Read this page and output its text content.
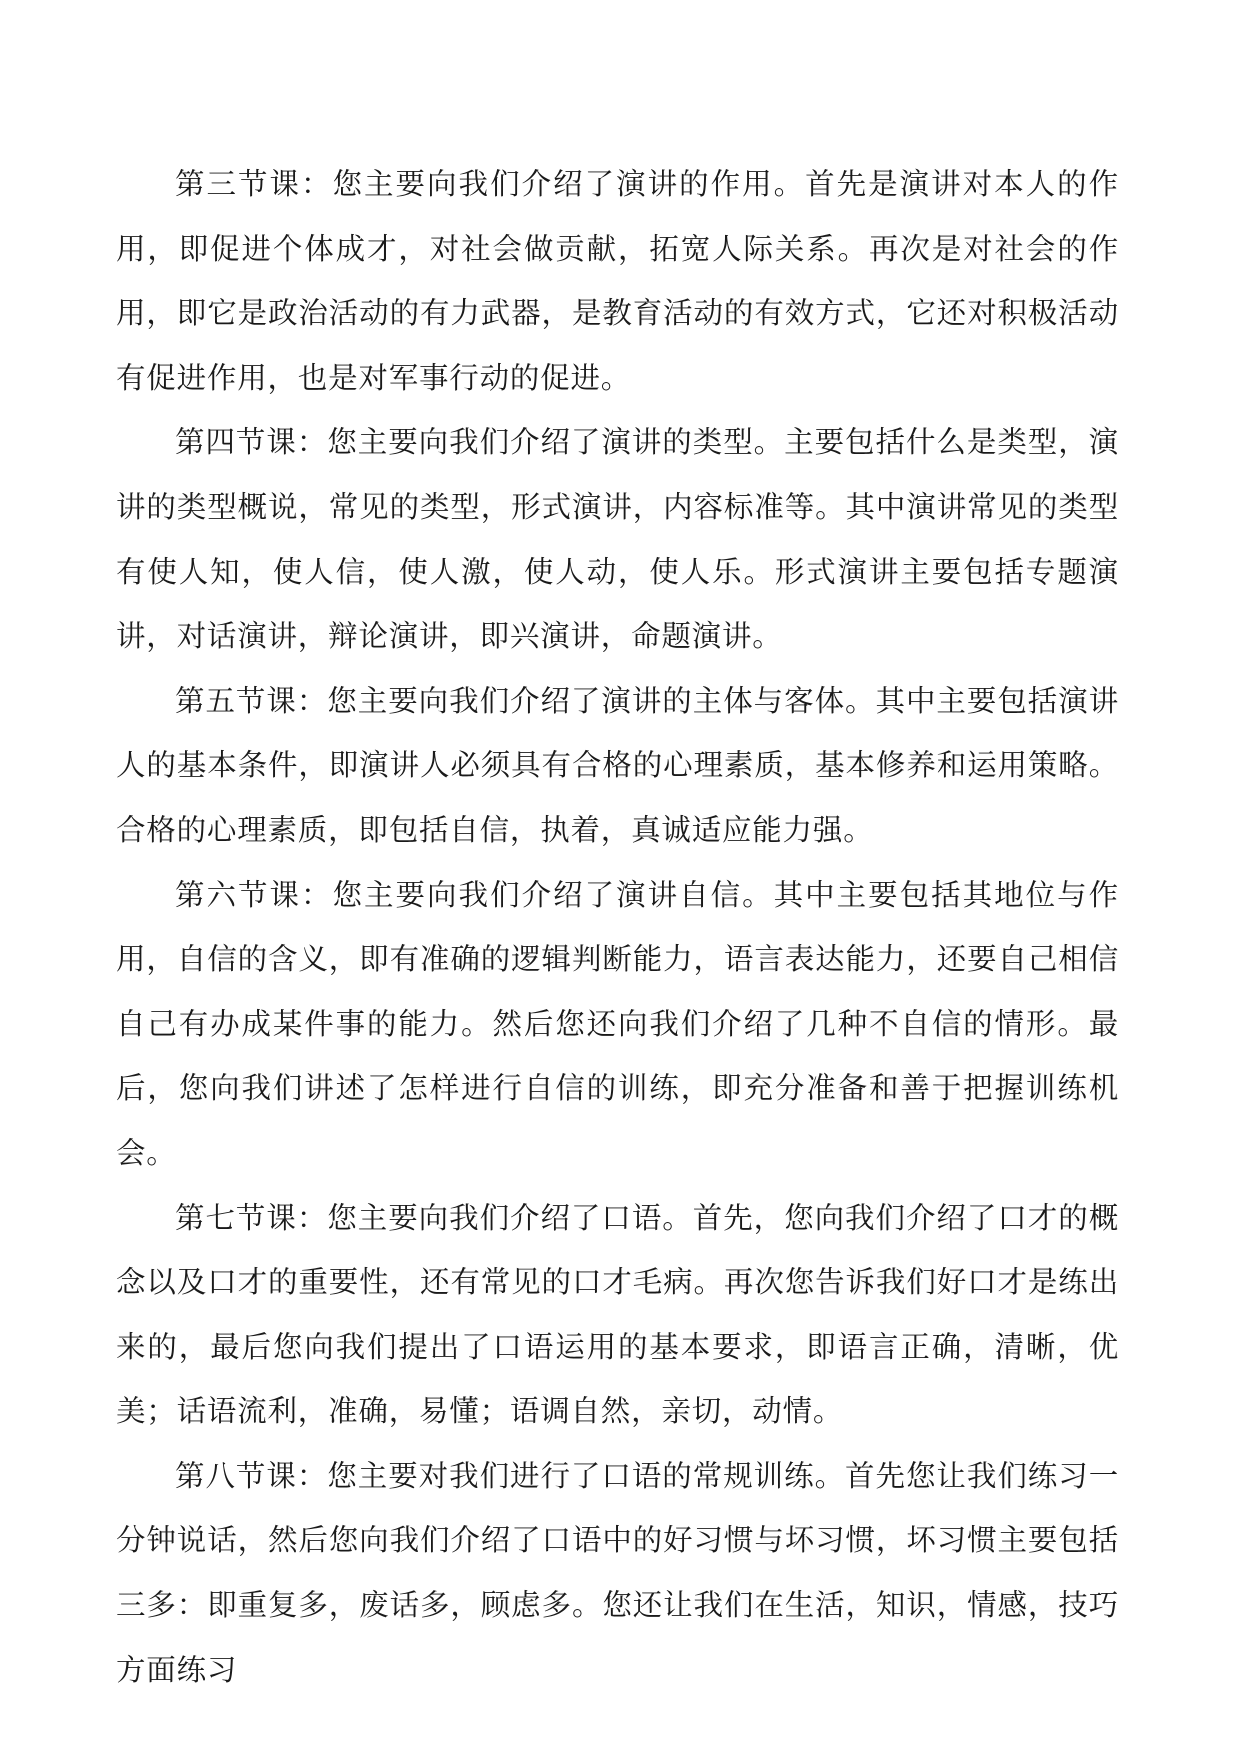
第三节课：您主要向我们介绍了演讲的作用。首先是演讲对本人的作用，即促进个体成才，对社会做贡献，拓宽人际关系。再次是对社会的作用，即它是政治活动的有力武器，是教育活动的有效方式，它还对积极活动有促进作用，也是对军事行动的促进。

第四节课：您主要向我们介绍了演讲的类型。主要包括什么是类型，演讲的类型概说，常见的类型，形式演讲，内容标准等。其中演讲常见的类型有使人知，使人信，使人激，使人动，使人乐。形式演讲主要包括专题演讲，对话演讲，辩论演讲，即兴演讲，命题演讲。

第五节课：您主要向我们介绍了演讲的主体与客体。其中主要包括演讲人的基本条件，即演讲人必须具有合格的心理素质，基本修养和运用策略。合格的心理素质，即包括自信，执着，真诚适应能力强。

第六节课：您主要向我们介绍了演讲自信。其中主要包括其地位与作用，自信的含义，即有准确的逻辑判断能力，语言表达能力，还要自己相信自己有办成某件事的能力。然后您还向我们介绍了几种不自信的情形。最后，您向我们讲述了怎样进行自信的训练，即充分准备和善于把握训练机会。

第七节课：您主要向我们介绍了口语。首先，您向我们介绍了口才的概念以及口才的重要性，还有常见的口才毛病。再次您告诉我们好口才是练出来的，最后您向我们提出了口语运用的基本要求，即语言正确，清晰，优美；话语流利，准确，易懂；语调自然，亲切，动情。

第八节课：您主要对我们进行了口语的常规训练。首先您让我们练习一分钟说话，然后您向我们介绍了口语中的好习惯与坏习惯，坏习惯主要包括三多：即重复多，废话多，顾虑多。您还让我们在生活，知识，情感，技巧方面练习
